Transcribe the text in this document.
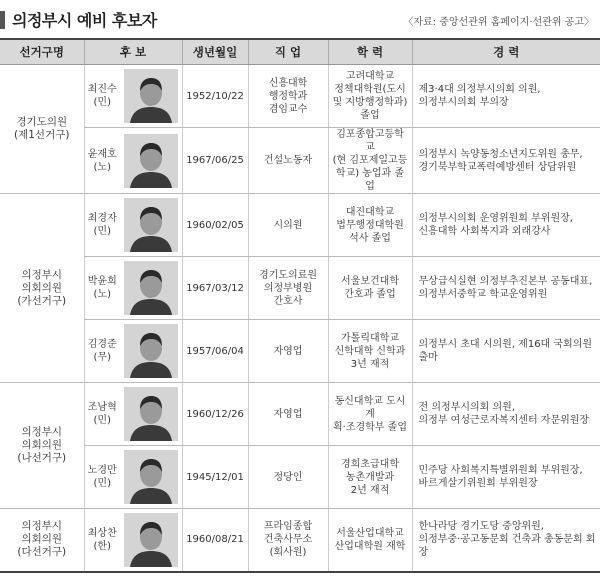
의정부시 예비 후보자	〈자료: 중앙선관위 홈페이지·선관위 공고〉
선거구명	후 보		생년월일	직 업	학 력	경 력
경기도의원
(제1선거구)	최진수
(민)		1952/10/22	신흥대학
행정학과
겸임교수	고려대학교
정책대학원(도시
및 지방행정학과)
졸업	제3·4대 의정부시의회 의원,
의정부시의회 부의장
	윤재호
(노)		1967/06/25	건설노동자	김포종합고등학교
(현 김포제일고등
학교) 농업과 졸업	의정부시 녹양동청소년지도위원 총무,
경기북부학교폭력예방센터 상담위원
의정부시
의회의원
(가선거구)	최경자
(민)		1960/02/05	시의원	대진대학교
법무행정대학원
석사 졸업	의정부시의회 운영위원회 부위원장,
신흥대학 사회복지과 외래강사
	박윤희
(노)		1967/03/12	경기도의료원
의정부병원
간호사	서울보건대학
간호과 졸업	무상급식실현 의정부추진본부 공동대표,
의정부서중학교 학교운영위원
	김경준
(무)		1957/06/04	자영업	가톨릭대학교
신학대학 신학과
3년 재적	의정부시 초대 시의원, 제16대 국회의원 출마
의정부시
의회의원
(나선거구)	조남혁
(민)		1960/12/26	자영업	동신대학교 도시계
획·조경학부 졸업	전 의정부시의회 의원,
의정부 여성근로자복지센터 자문위원장
	노경만
(민)		1945/12/01	정당인	경희초급대학
농촌개발과
2년 재적	민주당 사회복지특별위원회 부위원장,
바르게살기위원회 부위원장
의정부시
의회의원
(다선거구)	최상찬
(한)		1960/08/21	프라임종합
건축사무소
(회사원)	서울산업대학교
산업대학원 재학	한나라당 경기도당 중앙위원,
의정부중·공고동문회 건축과 총동문회 회장
